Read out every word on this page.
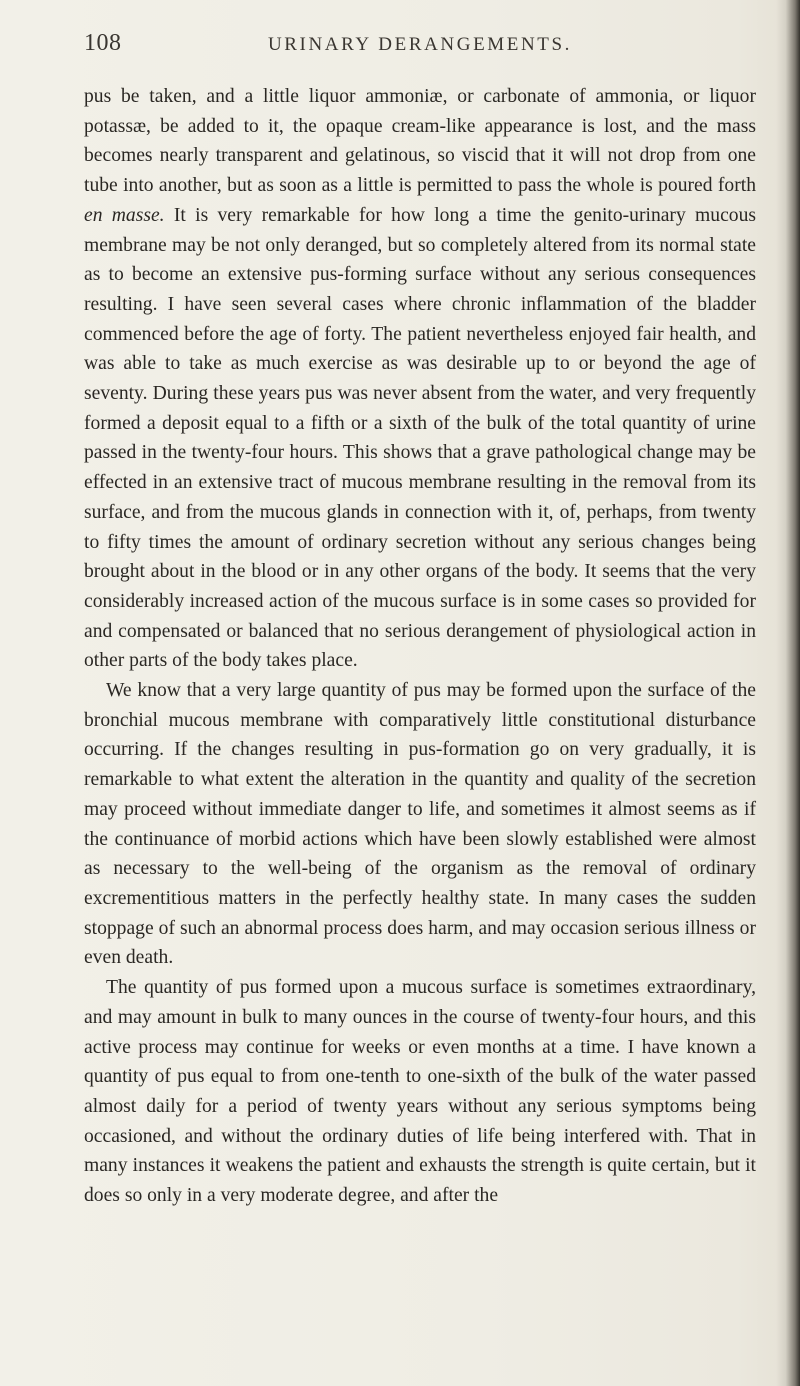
108	URINARY DERANGEMENTS.

pus be taken, and a little liquor ammoniæ, or carbonate of ammonia, or liquor potassæ, be added to it, the opaque cream-like appearance is lost, and the mass becomes nearly transparent and gelatinous, so viscid that it will not drop from one tube into another, but as soon as a little is permitted to pass the whole is poured forth en masse. It is very remarkable for how long a time the genito-urinary mucous membrane may be not only deranged, but so completely altered from its normal state as to become an extensive pus-forming surface without any serious consequences resulting. I have seen several cases where chronic inflammation of the bladder commenced before the age of forty. The patient nevertheless enjoyed fair health, and was able to take as much exercise as was desirable up to or beyond the age of seventy. During these years pus was never absent from the water, and very frequently formed a deposit equal to a fifth or a sixth of the bulk of the total quantity of urine passed in the twenty-four hours. This shows that a grave pathological change may be effected in an extensive tract of mucous membrane resulting in the removal from its surface, and from the mucous glands in connection with it, of, perhaps, from twenty to fifty times the amount of ordinary secretion without any serious changes being brought about in the blood or in any other organs of the body. It seems that the very considerably increased action of the mucous surface is in some cases so provided for and compensated or balanced that no serious derangement of physiological action in other parts of the body takes place.

We know that a very large quantity of pus may be formed upon the surface of the bronchial mucous membrane with comparatively little constitutional disturbance occurring. If the changes resulting in pus-formation go on very gradually, it is remarkable to what extent the alteration in the quantity and quality of the secretion may proceed without immediate danger to life, and sometimes it almost seems as if the continuance of morbid actions which have been slowly established were almost as necessary to the well-being of the organism as the removal of ordinary excrementitious matters in the perfectly healthy state. In many cases the sudden stoppage of such an abnormal process does harm, and may occasion serious illness or even death.

The quantity of pus formed upon a mucous surface is sometimes extraordinary, and may amount in bulk to many ounces in the course of twenty-four hours, and this active process may continue for weeks or even months at a time. I have known a quantity of pus equal to from one-tenth to one-sixth of the bulk of the water passed almost daily for a period of twenty years without any serious symptoms being occasioned, and without the ordinary duties of life being interfered with. That in many instances it weakens the patient and exhausts the strength is quite certain, but it does so only in a very moderate degree, and after the
